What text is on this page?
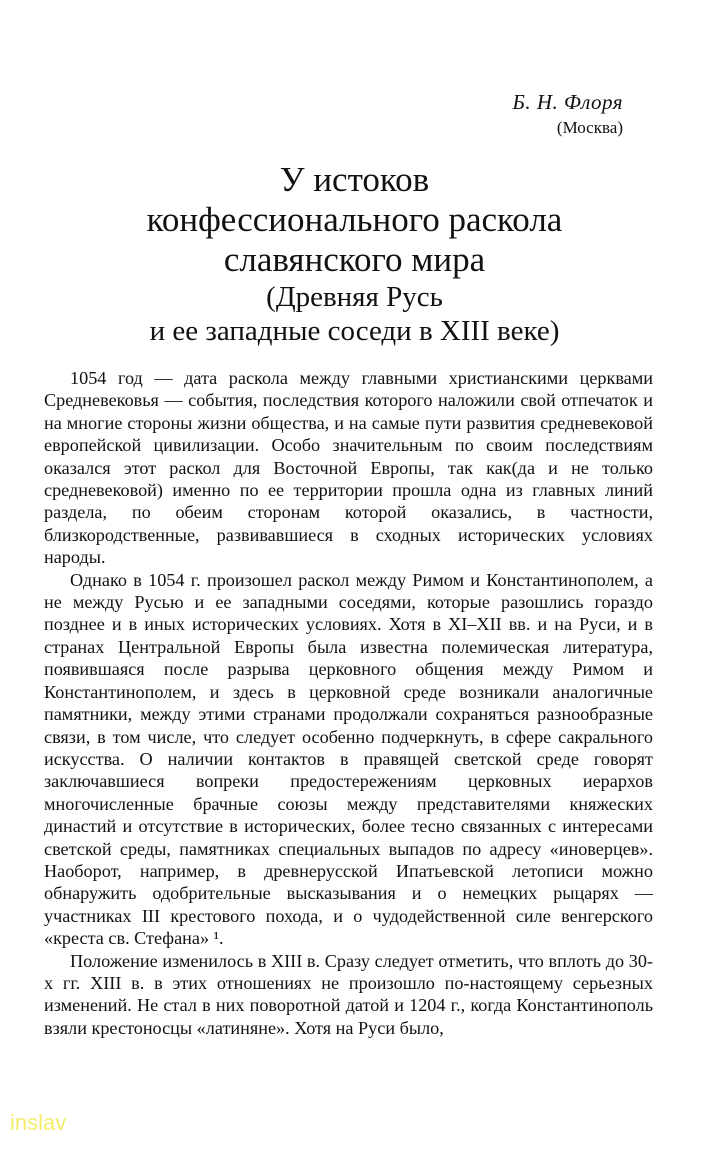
Б. Н. Флоря
(Москва)
У истоков
конфессионального раскола
славянского мира
(Древняя Русь
и ее западные соседи в XIII веке)

1054 год — дата раскола между главными христианскими церквами Средневековья — события, последствия которого наложили свой отпечаток и на многие стороны жизни общества, и на самые пути развития средневековой европейской цивилизации. Особо значительным по своим последствиям оказался этот раскол для Восточной Европы, так как(да и не только средневековой) именно по ее территории прошла одна из главных линий раздела, по обеим сторонам которой оказались, в частности, близкородственные, развивавшиеся в сходных исторических условиях народы.

Однако в 1054 г. произошел раскол между Римом и Константинополем, а не между Русью и ее западными соседями, которые разошлись гораздо позднее и в иных исторических условиях. Хотя в XI–XII вв. и на Руси, и в странах Центральной Европы была известна полемическая литература, появившаяся после разрыва церковного общения между Римом и Константинополем, и здесь в церковной среде возникали аналогичные памятники, между этими странами продолжали сохраняться разнообразные связи, в том числе, что следует особенно подчеркнуть, в сфере сакрального искусства. О наличии контактов в правящей светской среде говорят заключавшиеся вопреки предостережениям церковных иерархов многочисленные брачные союзы между представителями княжеских династий и отсутствие в исторических, более тесно связанных с интересами светской среды, памятниках специальных выпадов по адресу «иноверцев». Наоборот, например, в древнерусской Ипатьевской летописи можно обнаружить одобрительные высказывания и о немецких рыцарях — участниках III крестового похода, и о чудодейственной силе венгерского «креста св. Стефана» ¹.

Положение изменилось в XIII в. Сразу следует отметить, что вплоть до 30-х гг. XIII в. в этих отношениях не произошло по-настоящему серьезных изменений. Не стал в них поворотной датой и 1204 г., когда Константинополь взяли крестоносцы «латиняне». Хотя на Руси было,

inslav
